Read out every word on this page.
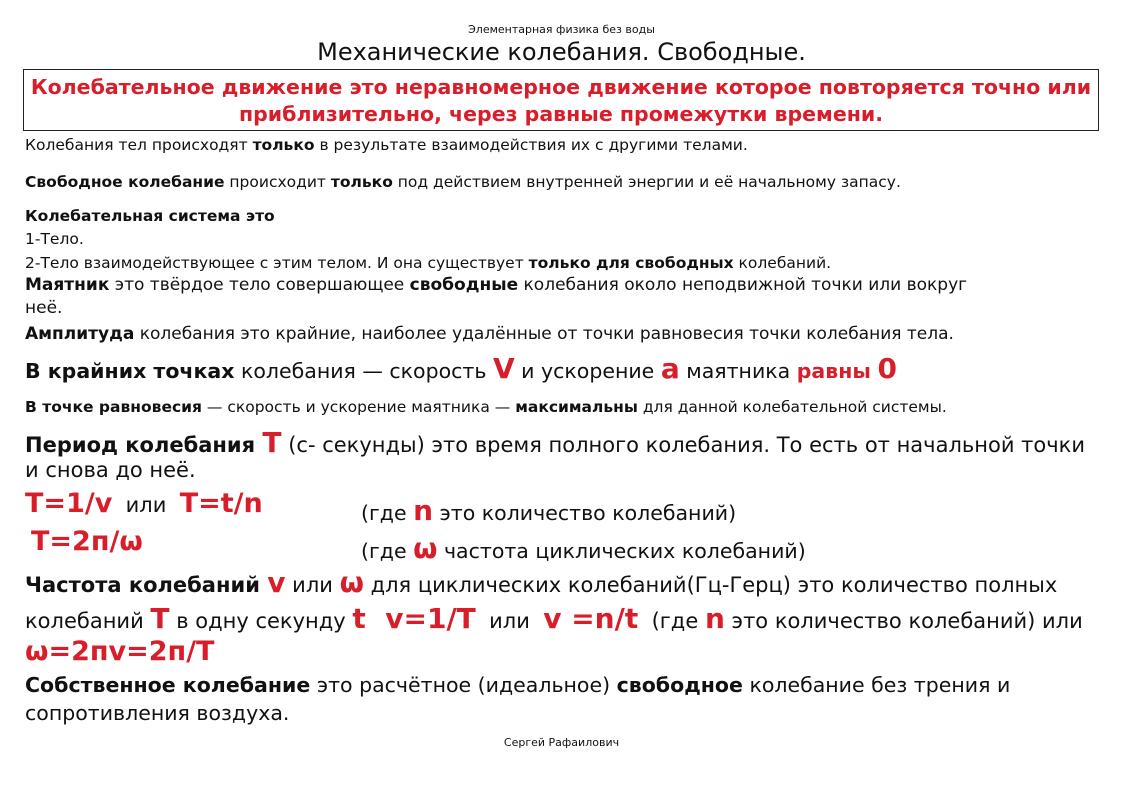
Элементарная физика без воды
Механические колебания. Свободные.
Колебательное движение это неравномерное движение которое повторяется точно или
приблизительно, через равные промежутки времени.
Колебания тел происходят только в результате взаимодействия их с другими телами.
Свободное колебание происходит только под действием внутренней энергии и её начальному запасу.
Колебательная система это
1-Тело.
2-Тело взаимодействующее с этим телом. И она существует только для свободных колебаний.
Маятник это твёрдое тело совершающее свободные колебания около неподвижной точки или вокруг
неё.
Амплитуда колебания это крайние, наиболее удалённые от точки равновесия точки колебания тела.
В крайних точках колебания — скорость V и ускорение a маятника равны 0
В точке равновесия — скорость и ускорение маятника — максимальны для данной колебательной системы.
Период колебания T (с- секунды) это время полного колебания. То есть от начальной точки
и снова до неё.
T=1/v  или  T=t/n	(где n это количество колебаний)
T=2п/ω	(где ω частота циклических колебаний)
Частота колебаний v или ω для циклических колебаний(Гц-Герц) это количество полных
колебаний T в одну секунду t  v=1/T  или  v =n/t  (где n это количество колебаний) или
ω=2пv=2п/T
Собственное колебание это расчётное (идеальное) свободное колебание без трения и
сопротивления воздуха.
Сергей Рафаилович
